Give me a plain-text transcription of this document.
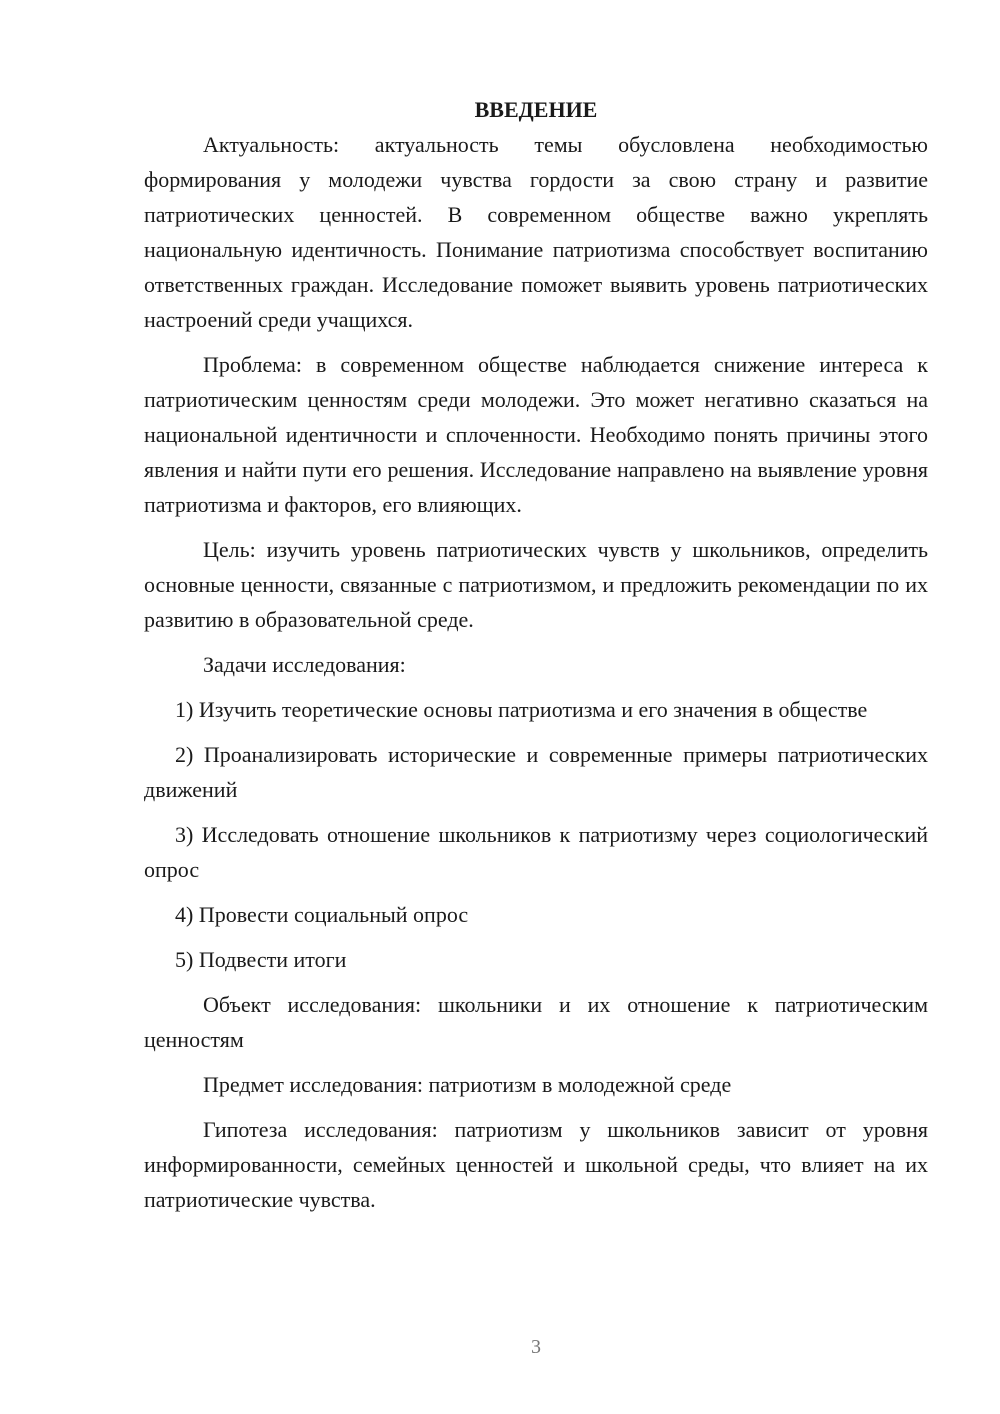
ВВЕДЕНИЕ

Актуальность: актуальность темы обусловлена необходимостью формирования у молодежи чувства гордости за свою страну и развитие патриотических ценностей. В современном обществе важно укреплять национальную идентичность. Понимание патриотизма способствует воспитанию ответственных граждан. Исследование поможет выявить уровень патриотических настроений среди учащихся.

Проблема: в современном обществе наблюдается снижение интереса к патриотическим ценностям среди молодежи. Это может негативно сказаться на национальной идентичности и сплоченности. Необходимо понять причины этого явления и найти пути его решения. Исследование направлено на выявление уровня патриотизма и факторов, его влияющих.

Цель: изучить уровень патриотических чувств у школьников, определить основные ценности, связанные с патриотизмом, и предложить рекомендации по их развитию в образовательной среде.

Задачи исследования:

1) Изучить теоретические основы патриотизма и его значения в обществе

2) Проанализировать исторические и современные примеры патриотических движений

3) Исследовать отношение школьников к патриотизму через социологический опрос

4) Провести социальный опрос

5) Подвести итоги

Объект исследования: школьники и их отношение к патриотическим ценностям

Предмет исследования: патриотизм в молодежной среде

Гипотеза исследования: патриотизм у школьников зависит от уровня информированности, семейных ценностей и школьной среды, что влияет на их патриотические чувства.

3
